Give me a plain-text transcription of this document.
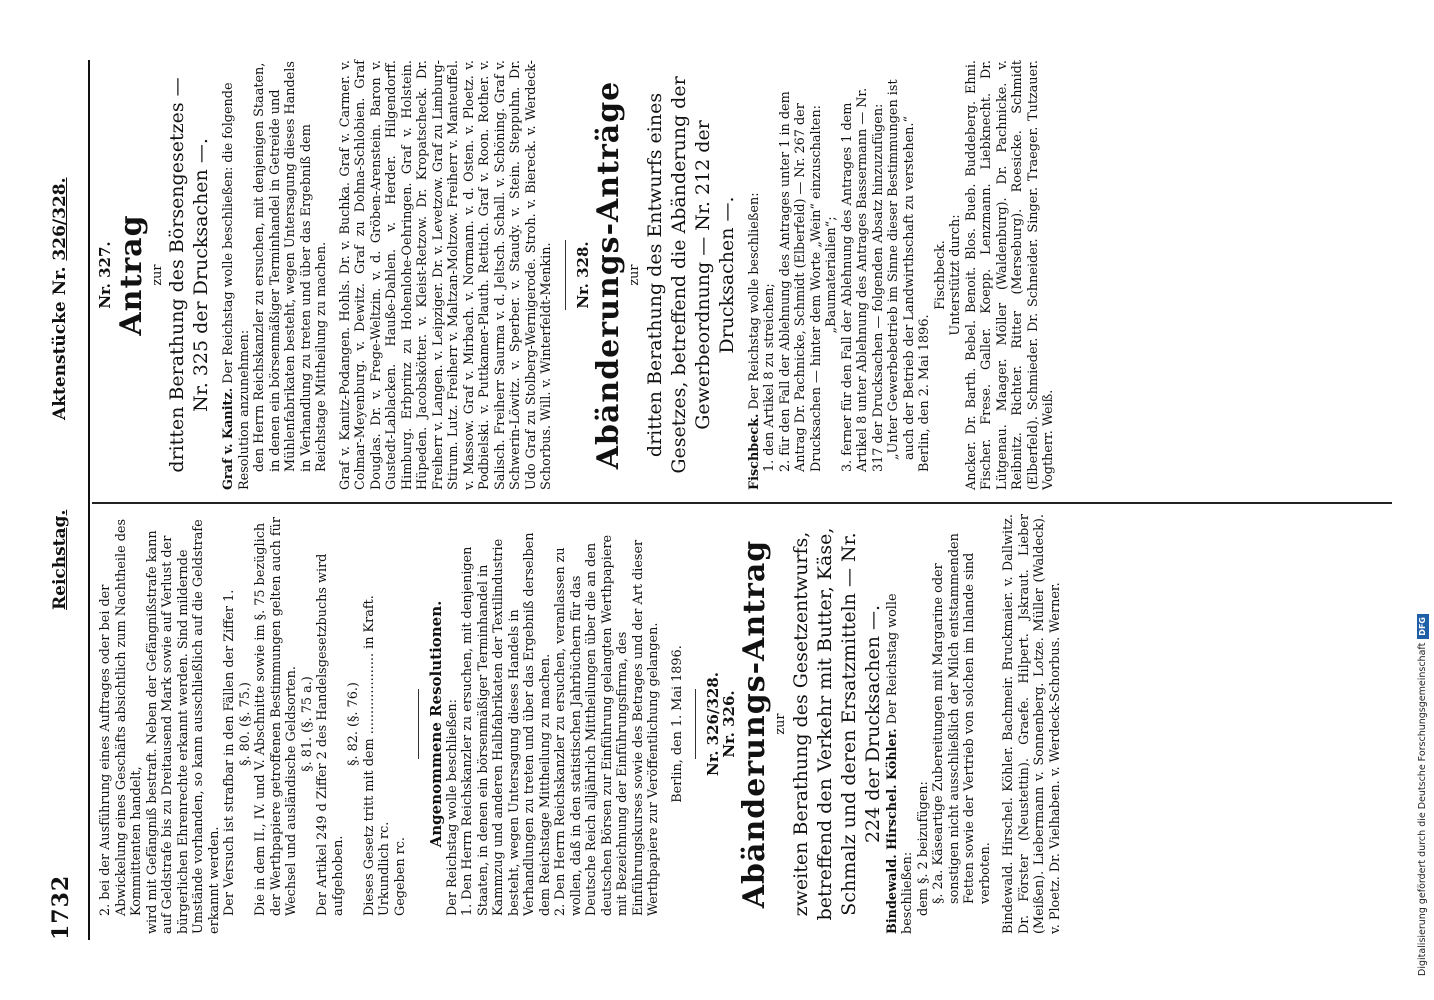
1732
Reichstag.
Aktenstücke Nr. 326/328.

2. bei der Ausführung eines Auftrages oder bei der Abwickelung eines Geschäfts absichtlich zum Nachtheile des Kommittenten handelt, wird mit Gefängniß bestraft. Neben der Gefängnißstrafe kann auf Geldstrafe bis zu Dreitausend Mark sowie auf Verlust der bürgerlichen Ehrenrechte erkannt werden. Sind mildernde Umstände vorhanden, so kann ausschließlich auf die Geldstrafe erkannt werden. Der Versuch ist strafbar in den Fällen der Ziffer 1. §. 80. (§. 75.) Die in dem II., IV. und V. Abschnitte sowie im §. 75 bezüglich der Werthpapiere getroffenen Bestimmungen gelten auch für Wechsel und ausländische Geldsorten. §. 81. (§. 75 a.) Der Artikel 249 d Ziffer 2 des Handelsgesetzbuchs wird aufgehoben.

§. 82. (§. 76.) Dieses Gesetz tritt mit dem .................... in Kraft. Urkundlich rc. Gegeben rc.

Angenommene Resolutionen. Der Reichstag wolle beschließen: 1. Den Herrn Reichskanzler zu ersuchen, mit denjenigen Staaten, in denen ein börsenmäßiger Terminhandel in Kammzug und anderen Halbfabrikaten der Textilindustrie besteht, wegen Untersagung dieses Handels in Verhandlungen zu treten und über das Ergebniß derselben dem Reichstage Mittheilung zu machen. 2. Den Herrn Reichskanzler zu ersuchen, veranlassen zu wollen, daß in den statistischen Jahrbüchern für das Deutsche Reich alljährlich Mittheilungen über die an den deutschen Börsen zur Einführung gelangten Werthpapiere mit Bezeichnung der Einführungsfirma, des Einführungskurses sowie des Betrages und der Art dieser Werthpapiere zur Veröffentlichung gelangen. Berlin, den 1. Mai 1896. Nr. 326/328.

Nr. 326. Abänderungs-Antrag zur zweiten Berathung des Gesetzentwurfs, betreffend den Verkehr mit Butter, Käse, Schmalz und deren Ersatzmitteln — Nr. 224 der Drucksachen —. Bindewald. Hirschel. Köhler. Der Reichstag wolle beschließen: dem §. 2 beizufügen: §. 2a. Käseartige Zubereitungen mit Margarine oder sonstigen nicht ausschließlich der Milch entstammenden Fetten sowie der Vertrieb von solchen im Inlande sind verboten. Bindewald. Hirschel. Köhler. Bachmeir. Bruckmaier. v. Dallwitz. Dr. Förster (Neustettin). Graefe. Hilpert. Jskraut. Lieber (Meißen). Liebermann v. Sonnenberg. Lotze. Müller (Waldeck). v. Ploetz. Dr. Vielhaben. v. Werdeck-Schorbus. Werner.

Nr. 327. Antrag zur dritten Berathung des Börsengesetzes — Nr. 325 der Drucksachen —.

Graf v. Kanitz. Der Reichstag wolle beschließen: die folgende Resolution anzunehmen: den Herrn Reichskanzler zu ersuchen, mit denjenigen Staaten, in denen ein börsenmäßiger Terminhandel in Getreide und Mühlenfabrikaten besteht, wegen Untersagung dieses Handels in Verhandlung zu treten und über das Ergebniß dem Reichstage Mittheilung zu machen. Graf v. Kanitz-Podangen. Hohls. Dr. v. Buchka. Graf v. Carmer. v. Colmar-Meyenburg. v. Dewitz. Graf zu Dohna-Schlobien. Graf Douglas. Dr. v. Frege-Weltzin. v. d. Gröben-Arenstein. Baron v. Gustedt-Lablacken. Hauße-Dahlen. v. Herder. Hilgendorff. Himburg. Erbprinz zu Hohenlohe-Oehringen. Graf v. Holstein. Hüpeden. Jacobskötter. v. Kleist-Retzow. Dr. Kropatscheck. Dr. Freiherr v. Langen. v. Leipziger. Dr. v. Levetzow. Graf zu Limburg-Stirum. Lutz. Freiherr v. Maltzan-Moltzow. Freiherr v. Manteuffel. v. Massow. Graf v. Mirbach. v. Normann. v. d. Osten. v. Ploetz. v. Podbielski. v. Puttkamer-Plauth. Rettich. Graf v. Roon. Rother. v. Salisch. Freiherr Saurma v. d. Jeltsch. Schall. v. Schöning. Graf v. Schwerin-Löwitz. v. Sperber. v. Staudy. v. Stein. Steppuhn. Dr. Udo Graf zu Stolberg-Wernigerode. Stroh. v. Biereck. v. Werdeck-Schorbus. Will. v. Winterfeldt-Menkin. Nr. 328. Abänderungs-Anträge zur dritten Berathung des Entwurfs eines Gesetzes, betreffend die Abänderung der Gewerbeordnung — Nr. 212 der Drucksachen —.

Fischbeck. Der Reichstag wolle beschließen: 1. den Artikel 8 zu streichen; 2. für den Fall der Ablehnung des Antrages unter 1 in dem Antrag Dr. Pachnicke, Schmidt (Elberfeld) — Nr. 267 der Drucksachen — hinter dem Worte „Wein“ einzuschalten: „Baumaterialien“; 3. ferner für den Fall der Ablehnung des Antrages 1 dem Artikel 8 unter Ablehnung des Antrages Bassermann — Nr. 317 der Drucksachen — folgenden Absatz hinzuzufügen: „Unter Gewerbebetrieb im Sinne dieser Bestimmungen ist auch der Betrieb der Landwirthschaft zu verstehen.“ Berlin, den 2. Mai 1896.

Fischbeck. Unterstützt durch: Ancker. Dr. Barth. Bebel. Benoit. Blos. Bueb. Buddeberg. Ehni. Fischer. Frese. Galler. Koepp. Lenzmann. Liebknecht. Dr. Lütgenau. Maager. Möller (Waldenburg). Dr. Pachnicke. v. Reibnitz. Richter. Ritter (Merseburg). Roesicke. Schmidt (Elberfeld). Schmieder. Dr. Schneider. Singer. Traeger. Tutzauer. Vogtherr. Weiß.

Digitalisierung gefördert durch die Deutsche ForschungsgemeinschaftDFG
